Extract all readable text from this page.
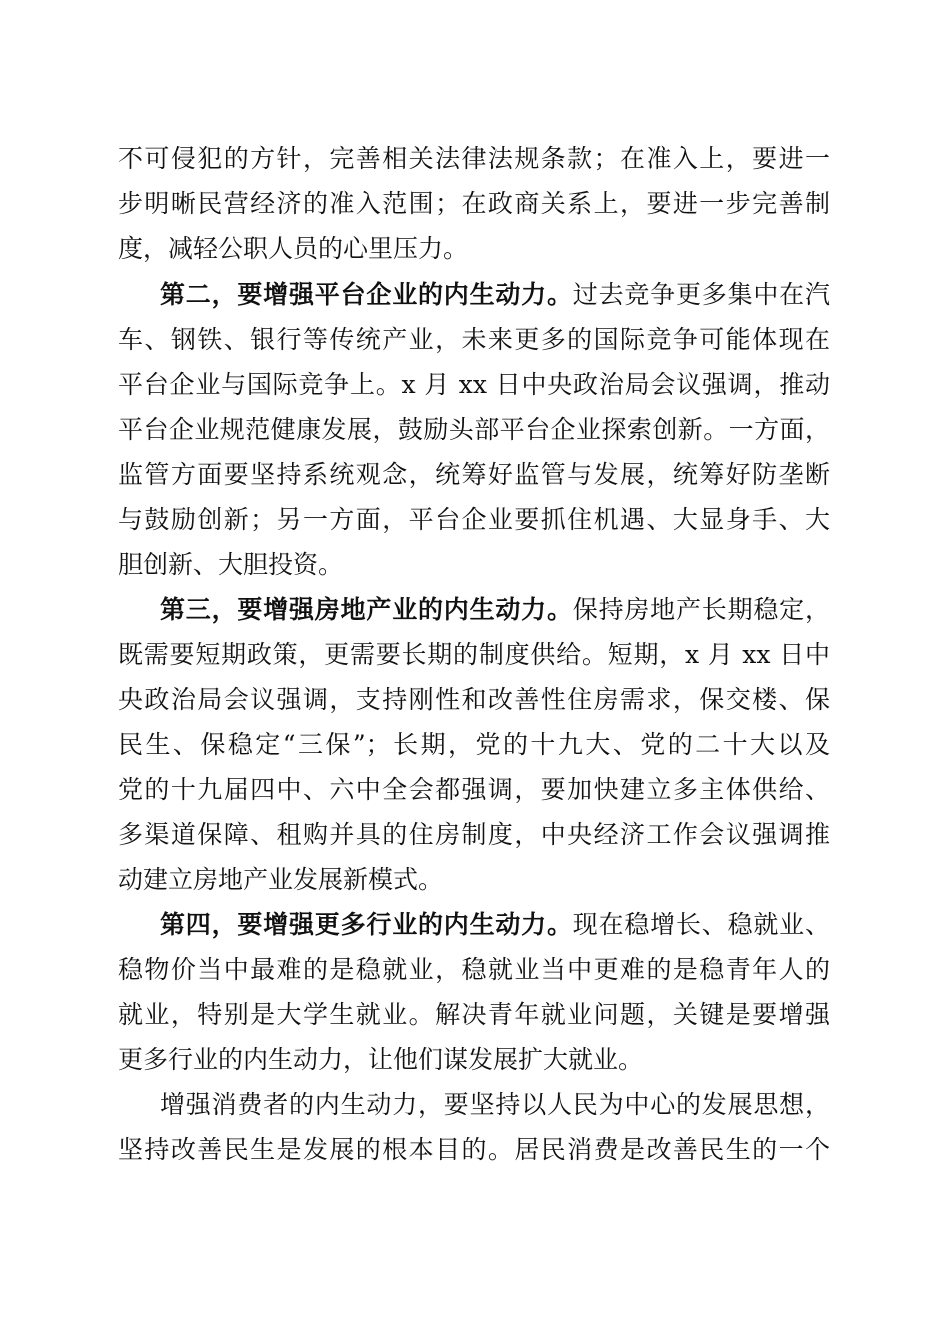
不可侵犯的方针，完善相关法律法规条款；在准入上，要进一
步明晰民营经济的准入范围；在政商关系上，要进一步完善制
度，减轻公职人员的心里压力。
第二，要增强平台企业的内生动力。过去竞争更多集中在汽
车、钢铁、银行等传统产业，未来更多的国际竞争可能体现在
平台企业与国际竞争上。x 月 xx 日中央政治局会议强调，推动
平台企业规范健康发展，鼓励头部平台企业探索创新。一方面，
监管方面要坚持系统观念，统筹好监管与发展，统筹好防垄断
与鼓励创新；另一方面，平台企业要抓住机遇、大显身手、大
胆创新、大胆投资。
第三，要增强房地产业的内生动力。保持房地产长期稳定，
既需要短期政策，更需要长期的制度供给。短期，x 月 xx 日中
央政治局会议强调，支持刚性和改善性住房需求，保交楼、保
民生、保稳定“三保”；长期，党的十九大、党的二十大以及
党的十九届四中、六中全会都强调，要加快建立多主体供给、
多渠道保障、租购并具的住房制度，中央经济工作会议强调推
动建立房地产业发展新模式。
第四，要增强更多行业的内生动力。现在稳增长、稳就业、
稳物价当中最难的是稳就业，稳就业当中更难的是稳青年人的
就业，特别是大学生就业。解决青年就业问题，关键是要增强
更多行业的内生动力，让他们谋发展扩大就业。
增强消费者的内生动力，要坚持以人民为中心的发展思想，
坚持改善民生是发展的根本目的。居民消费是改善民生的一个
